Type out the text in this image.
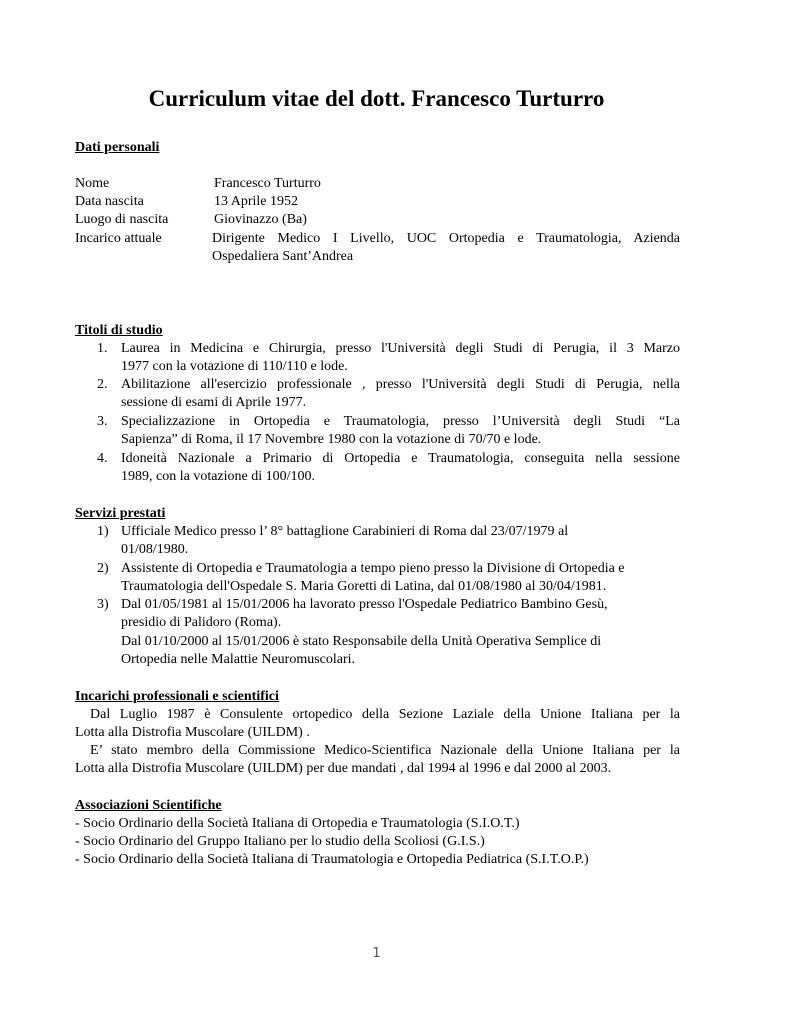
Curriculum vitae del dott. Francesco Turturro
Dati personali
Nome	Francesco Turturro
Data nascita	13 Aprile 1952
Luogo di nascita	Giovinazzo (Ba)
Incarico attuale	Dirigente Medico I Livello, UOC Ortopedia e Traumatologia, Azienda
Ospedaliera Sant’Andrea
Titoli di studio
1. Laurea in Medicina e Chirurgia, presso l'Università degli Studi di Perugia, il 3 Marzo
1977 con la votazione di 110/110 e lode.
2. Abilitazione all'esercizio professionale , presso l'Università degli Studi di Perugia, nella
sessione di esami di Aprile 1977.
3. Specializzazione in Ortopedia e Traumatologia, presso l’Università degli Studi “La
Sapienza” di Roma, il 17 Novembre 1980 con la votazione di 70/70 e lode.
4. Idoneità Nazionale a Primario di Ortopedia e Traumatologia, conseguita nella sessione
1989, con la votazione di 100/100.
Servizi prestati
1) Ufficiale Medico presso l’ 8° battaglione Carabinieri di Roma dal 23/07/1979 al
01/08/1980.
2) Assistente di Ortopedia e Traumatologia a tempo pieno presso la Divisione di Ortopedia e
Traumatologia dell'Ospedale S. Maria Goretti di Latina, dal 01/08/1980 al 30/04/1981.
3) Dal 01/05/1981 al 15/01/2006 ha lavorato presso l'Ospedale Pediatrico Bambino Gesù,
presidio di Palidoro (Roma).
Dal 01/10/2000 al 15/01/2006 è stato Responsabile della Unità Operativa Semplice di
Ortopedia nelle Malattie Neuromuscolari.
Incarichi professionali e scientifici
Dal Luglio 1987 è Consulente ortopedico della Sezione Laziale della Unione Italiana per la
Lotta alla Distrofia Muscolare (UILDM) .
E’ stato membro della Commissione Medico-Scientifica Nazionale della Unione Italiana per la
Lotta alla Distrofia Muscolare (UILDM) per due mandati , dal 1994 al 1996 e dal 2000 al 2003.
Associazioni Scientifiche
- Socio Ordinario della Società Italiana di Ortopedia e Traumatologia (S.I.O.T.)
- Socio Ordinario del Gruppo Italiano per lo studio della Scoliosi (G.I.S.)
- Socio Ordinario della Società Italiana di Traumatologia e Ortopedia Pediatrica (S.I.T.O.P.)
1
